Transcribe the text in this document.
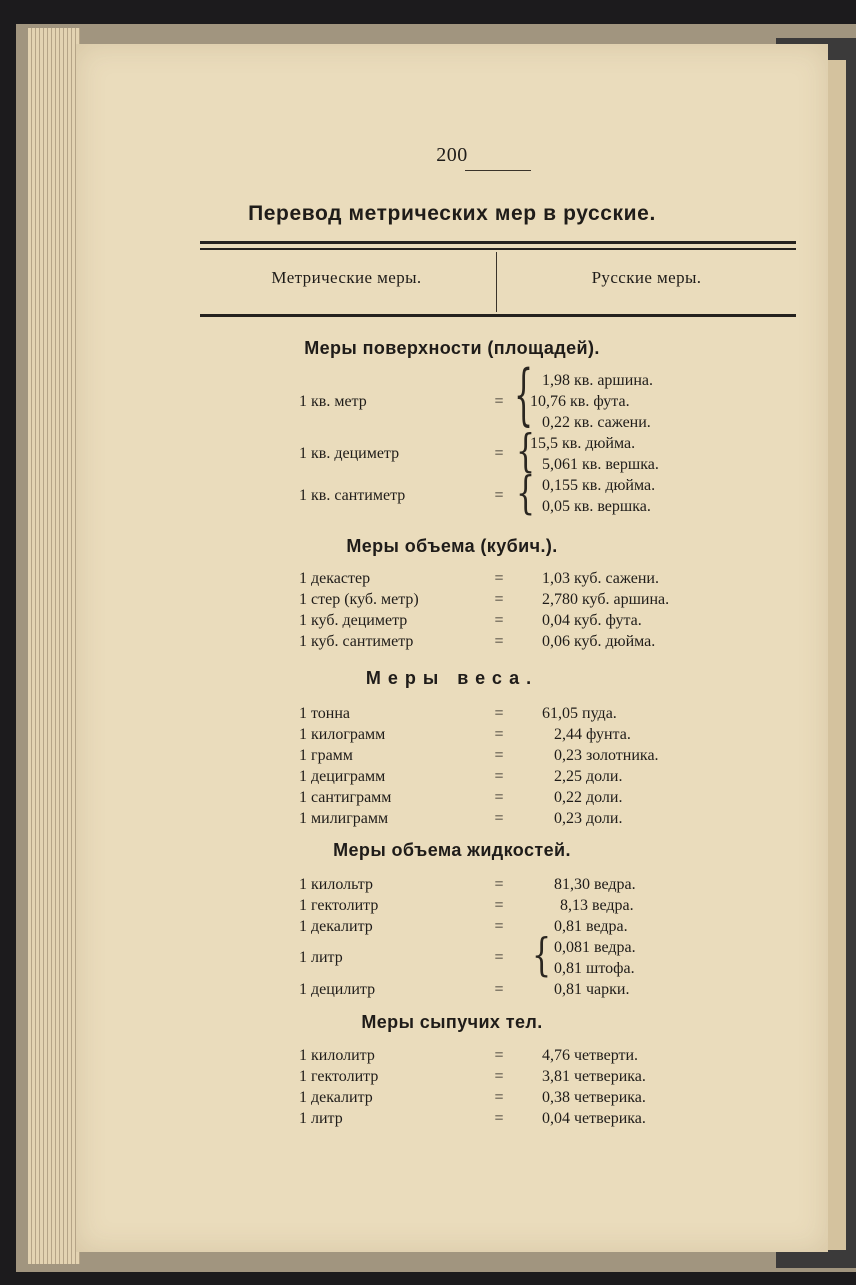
200
Перевод метрических мер в русские.
Метрические меры.	Русские меры.
Меры поверхности (площадей).
1 кв. метр	= { 1,98 кв. аршина.
10,76 кв. фута.
0,22 кв. сажени.
1 кв. дециметр	= {
15,5 кв. дюйма.
5,061 кв. вершка.
1 кв. сантиметр	= { 0,155 кв. дюйма.
0,05 кв. вершка.
Меры объема (кубич.).
1 декастер	=	1,03 куб. сажени.
1 стер (куб. метр)	=	2,780 куб. аршина.
1 куб. дециметр	=	0,04 куб. фута.
1 куб. сантиметр	=	0,06 куб. дюйма.
Меры веса.
1 тонна	=	61,05 пуда.
1 килограмм	=	2,44 фунта.
1 грамм	=	0,23 золотника.
1 дециграмм	=	2,25 доли.
1 сантиграмм	=	0,22 доли.
1 милиграмм	=	0,23 доли.
Меры объема жидкостей.
1 килольтр	=	81,30 ведра.
1 гектолитр	=	8,13 ведра.
1 декалитр	=	0,81 ведра.
1 литр	= { 0,081 ведра.
0,81 штофа.
1 децилитр	=	0,81 чарки.
Меры сыпучих тел.
1 килолитр	=	4,76 четверти.
1 гектолитр	=	3,81 четверика.
1 декалитр	=	0,38 четверика.
1 литр	=	0,04 четверика.
